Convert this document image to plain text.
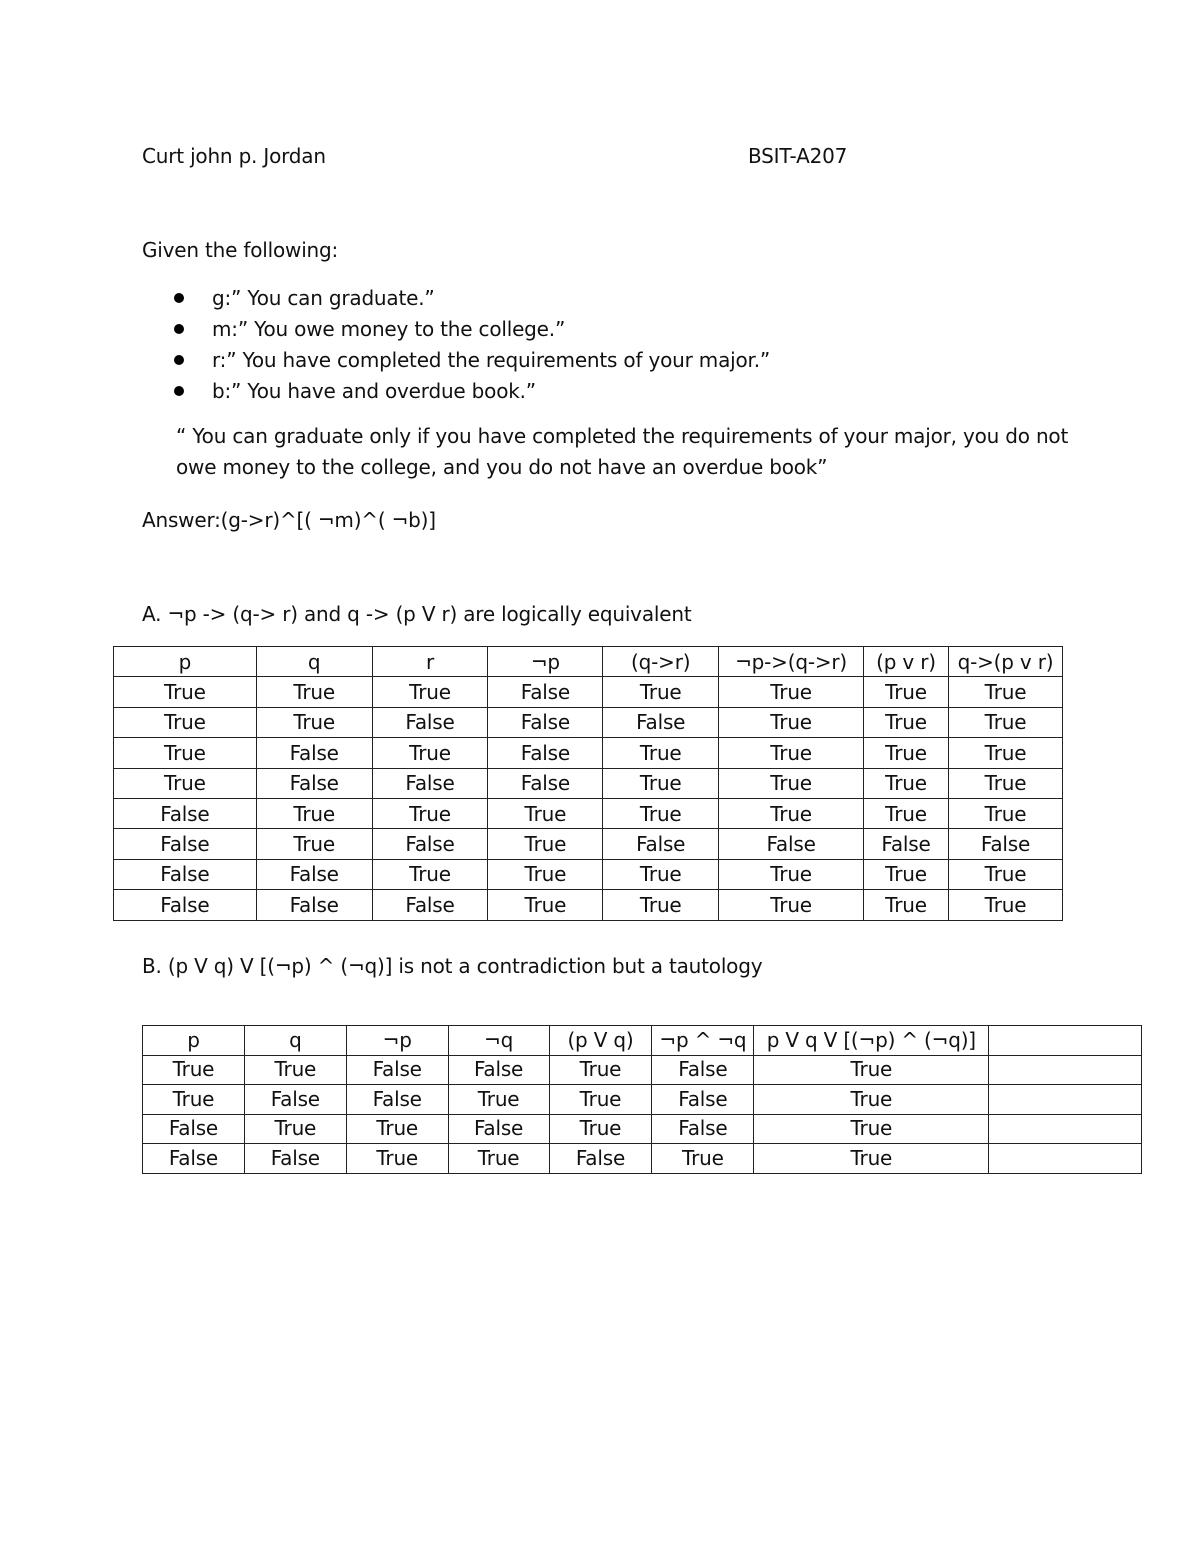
Curt john p. Jordan	BSIT-A207
Given the following:
g:” You can graduate.”
m:” You owe money to the college.”
r:” You have completed the requirements of your major.”
b:” You have and overdue book.”
“ You can graduate only if you have completed the requirements of your major, you do not
owe money to the college, and you do not have an overdue book”
Answer:(g->r)^[( ¬m)^( ¬b)]
A. ¬p -> (q-> r) and q -> (p V r) are logically equivalent
p	q	r	¬p	(q->r)	¬p->(q->r)	(p v r)	q->(p v r)
True	True	True	False	True	True	True	True
True	True	False	False	False	True	True	True
True	False	True	False	True	True	True	True
True	False	False	False	True	True	True	True
False	True	True	True	True	True	True	True
False	True	False	True	False	False	False	False
False	False	True	True	True	True	True	True
False	False	False	True	True	True	True	True
B. (p V q) V [(¬p) ^ (¬q)] is not a contradiction but a tautology
p	q	¬p	¬q	(p V q)	¬p ^ ¬q	p V q V [(¬p) ^ (¬q)]	
True	True	False	False	True	False	True	
True	False	False	True	True	False	True	
False	True	True	False	True	False	True	
False	False	True	True	False	True	True	
